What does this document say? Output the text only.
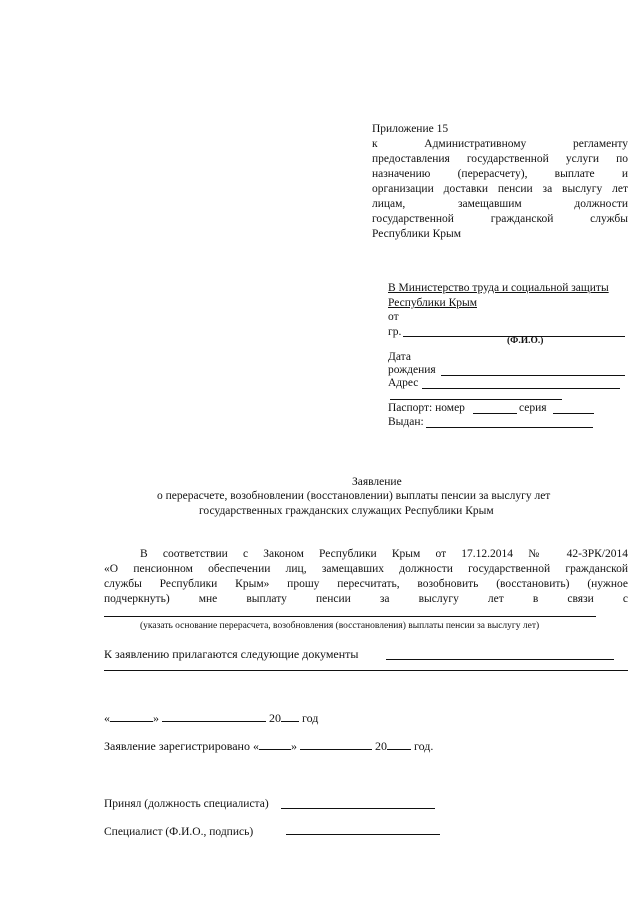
Приложение 15
к	Административному	регламенту
предоставления государственной услуги по
назначению (перерасчету), выплате и
организации доставки пенсии за выслугу лет
лицам, замещавшим должности
государственной гражданской службы
Республики Крым
В Министерство труда и социальной защиты
Республики Крым
от
гр.
(Ф.И.О.)
Дата
рождения
Адрес
Паспорт: номер	серия
Выдан:
Заявление
о перерасчете, возобновлении (восстановлении) выплаты пенсии за выслугу лет
государственных гражданских служащих Республики Крым
В соответствии с Законом Республики Крым от 17.12.2014 № 42-ЗРК/2014
«О пенсионном обеспечении лиц, замещавших должности государственной гражданской
службы Республики Крым» прошу пересчитать, возобновить (восстановить) (нужное
подчеркнуть) мне выплату пенсии за выслугу лет в связи с
(указать основание перерасчета, возобновления (восстановления) выплаты пенсии за выслугу лет)
К заявлению прилагаются следующие документы
«	»	20 год
Заявление зарегистрировано «	»	20 год.
Принял (должность специалиста)
Специалист (Ф.И.О., подпись)
